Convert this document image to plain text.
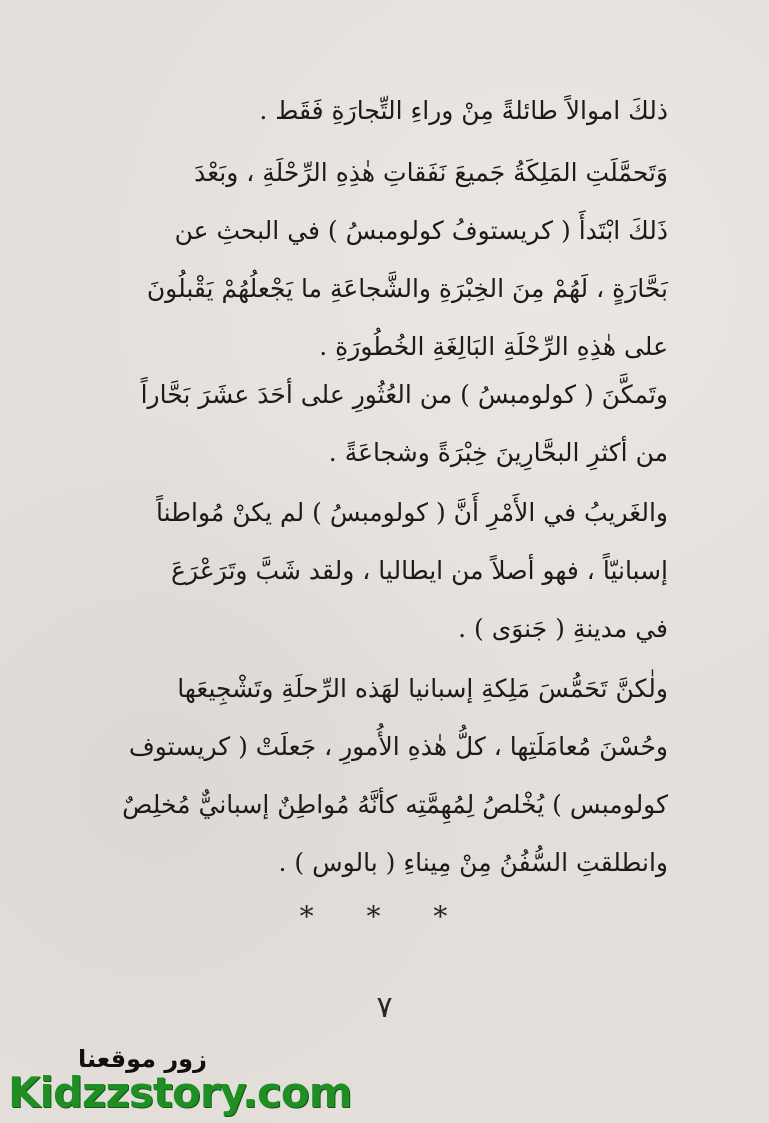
ذلكَ اموالاً طائلةً مِنْ وراءِ التِّجارَةِ فَقَط .
وَتَحمَّلَتِ المَلِكَةُ جَميعَ نَفَقاتِ هٰذِهِ الرِّحْلَةِ ، وبَعْدَ
ذَلكَ ابْتَدأَ ( كريستوفُ كولومبسُ ) في البحثِ عن
بَحَّارَةٍ ، لَهُمْ مِنَ الخِبْرَةِ والشَّجاعَةِ ما يَجْعلُهُمْ يَقْبلُونَ
على هٰذِهِ الرِّحْلَةِ البَالِغَةِ الخُطُورَةِ .
وتَمكَّنَ ( كولومبسُ ) من العُثُورِ على أحَدَ عشَرَ بَحَّاراً
من أكثرِ البحَّارِينَ خِبْرَةً وشجاعَةً .
والغَريبُ في الأَمْرِ أَنَّ ( كولومبسُ ) لم يكنْ مُواطناً
إسبانيّاً ، فهو أصلاً من ايطاليا ، ولقد شَبَّ وتَرَعْرَعَ
في مدينةِ ( جَنوَى ) .
ولٰكنَّ تَحَمُّسَ مَلِكةِ إسبانيا لهَذه الرِّحلَةِ وتَشْجِيعَها
وحُسْنَ مُعامَلَتِها ، كلُّ هٰذهِ الأُمورِ ، جَعلَتْ ( كريستوف
كولومبس ) يُخْلصُ لِمُهِمَّتِه كأنَّهُ مُواطِنٌ إسبانيٌّ مُخلِصٌ
وانطلقتِ السُّفُنُ مِنْ مِيناءِ ( بالوس ) .
* * *
٧
زور موقعنا
Kidzzstory.com
